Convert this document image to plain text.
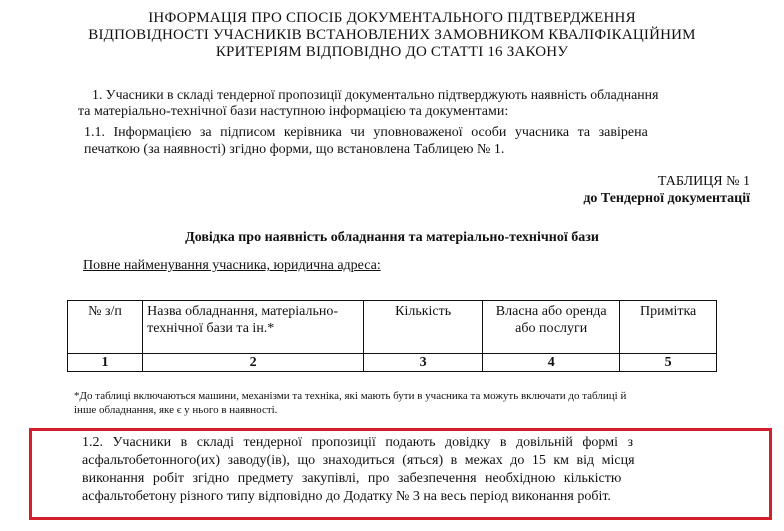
ІНФОРМАЦІЯ ПРО СПОСІБ ДОКУМЕНТАЛЬНОГО ПІДТВЕРДЖЕННЯ
ВІДПОВІДНОСТІ УЧАСНИКІВ ВСТАНОВЛЕНИХ ЗАМОВНИКОМ КВАЛІФІКАЦІЙНИМ
КРИТЕРІЯМ ВІДПОВІДНО ДО СТАТТІ 16 ЗАКОНУ
1. Учасники в складі тендерної пропозиції документально підтверджують наявність обладнання
та матеріально-технічної бази наступною інформацією та документами:
1.1. Інформацією за підписом керівника чи уповноваженої особи учасника та завірена
печаткою (за наявності) згідно форми, що встановлена Таблицею № 1.
ТАБЛИЦЯ № 1
до Тендерної документації
Довідка про наявність обладнання та матеріально-технічної бази
Повне найменування учасника, юридична адреса:
№ з/п	Назва обладнання, матеріально-технічної бази та ін.*	Кількість	Власна або оренда або послуги	Примітка
1	2	3	4	5
*До таблиці включаються машини, механізми та техніка, які мають бути в учасника та можуть включати до таблиці й
інше обладнання, яке є у нього в наявності.
1.2. Учасники в складі тендерної пропозиції подають довідку в довільній формі з
асфальтобетонного(их) заводу(ів), що знаходиться (яться) в межах до 15 км від місця
виконання робіт згідно предмету закупівлі, про забезпечення необхідною кількістю
асфальтобетону різного типу відповідно до Додатку № 3 на весь період виконання робіт.
